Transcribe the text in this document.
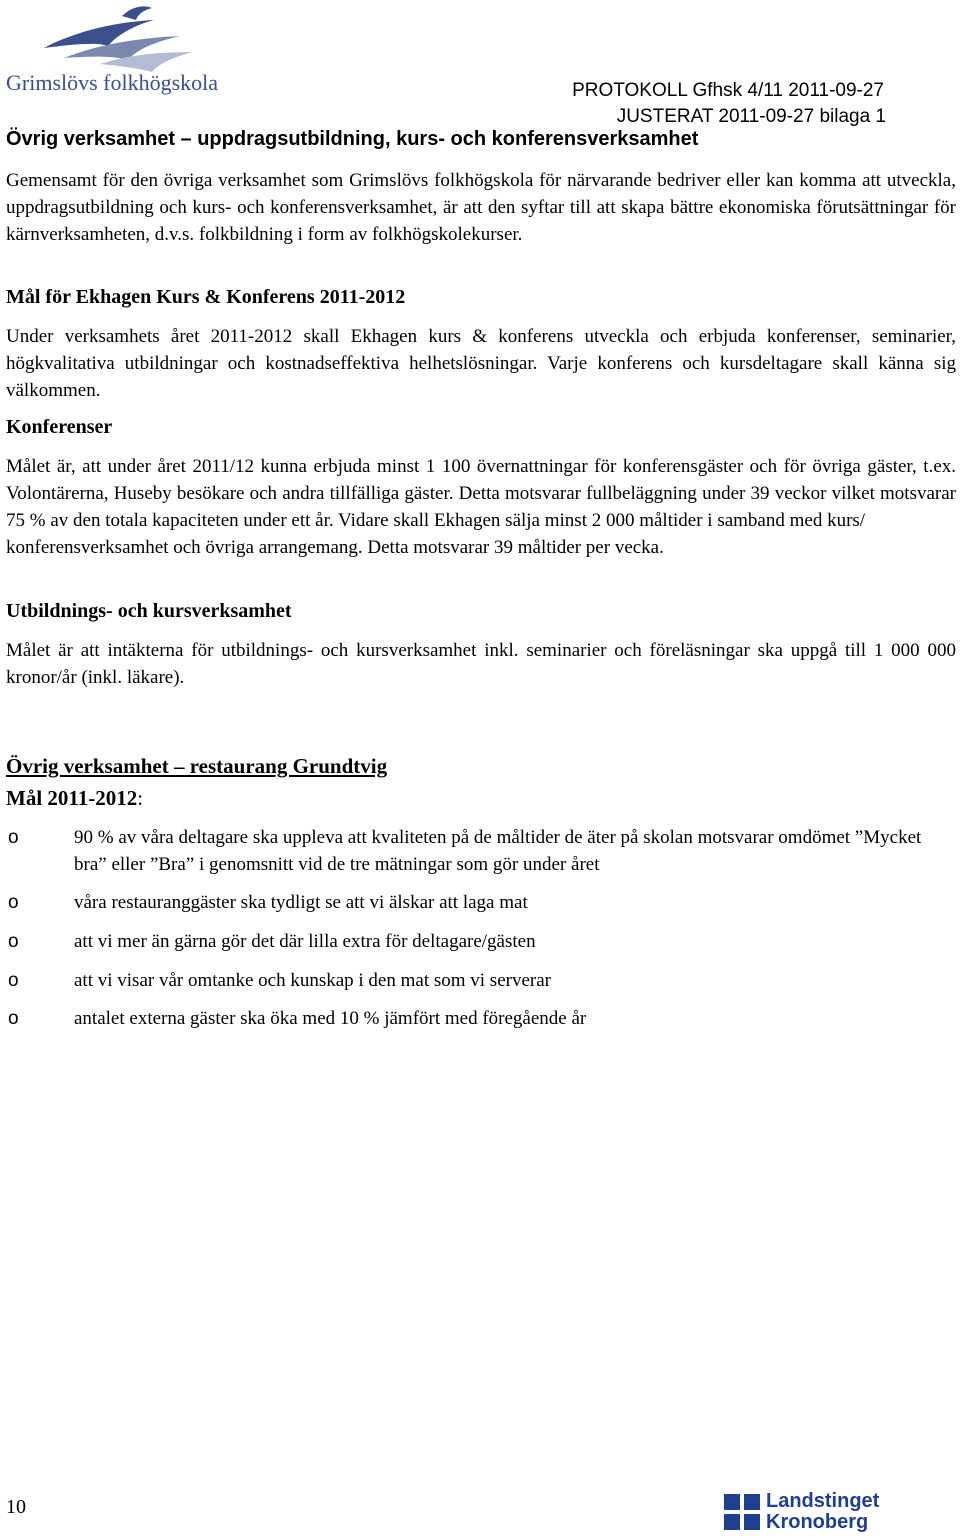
Grimslövs folkhögskola	PROTOKOLL Gfhsk 4/11 2011-09-27
JUSTERAT 2011-09-27 bilaga 1
Övrig verksamhet – uppdragsutbildning, kurs- och konferensverksamhet

Gemensamt för den övriga verksamhet som Grimslövs folkhögskola för närvarande bedriver eller kan komma att utveckla, uppdragsutbildning och kurs- och konferensverksamhet, är att den syftar till att skapa bättre ekonomiska förutsättningar för kärnverksamheten, d.v.s. folkbildning i form av folkhögskolekurser.

Mål för Ekhagen Kurs & Konferens 2011-2012

Under verksamhets året 2011-2012 skall Ekhagen kurs & konferens utveckla och erbjuda konferenser, seminarier, högkvalitativa utbildningar och kostnadseffektiva helhetslösningar. Varje konferens och kursdeltagare skall känna sig välkommen.

Konferenser

Målet är, att under året 2011/12 kunna erbjuda minst 1 100 övernattningar för konferensgäster och för övriga gäster, t.ex. Volontärerna, Huseby besökare och andra tillfälliga gäster. Detta motsvarar fullbeläggning under 39 veckor vilket motsvarar 75 % av den totala kapaciteten under ett år. Vidare skall Ekhagen sälja minst 2 000 måltider i samband med kurs/

konferensverksamhet och övriga arrangemang. Detta motsvarar 39 måltider per vecka.

Utbildnings- och kursverksamhet

Målet är att intäkterna för utbildnings- och kursverksamhet inkl. seminarier och föreläsningar ska uppgå till 1 000 000 kronor/år (inkl. läkare).

Övrig verksamhet – restaurang Grundtvig
Mål 2011-2012:
o	90 % av våra deltagare ska uppleva att kvaliteten på de måltider de äter på skolan motsvarar omdömet ”Mycket bra” eller ”Bra” i genomsnitt vid de tre mätningar som gör under året
o	våra restauranggäster ska tydligt se att vi älskar att laga mat
o	att vi mer än gärna gör det där lilla extra för deltagare/gästen
o	att vi visar vår omtanke och kunskap i den mat som vi serverar
o	antalet externa gäster ska öka med 10 % jämfört med föregående år
10	Landstinget
Kronoberg
